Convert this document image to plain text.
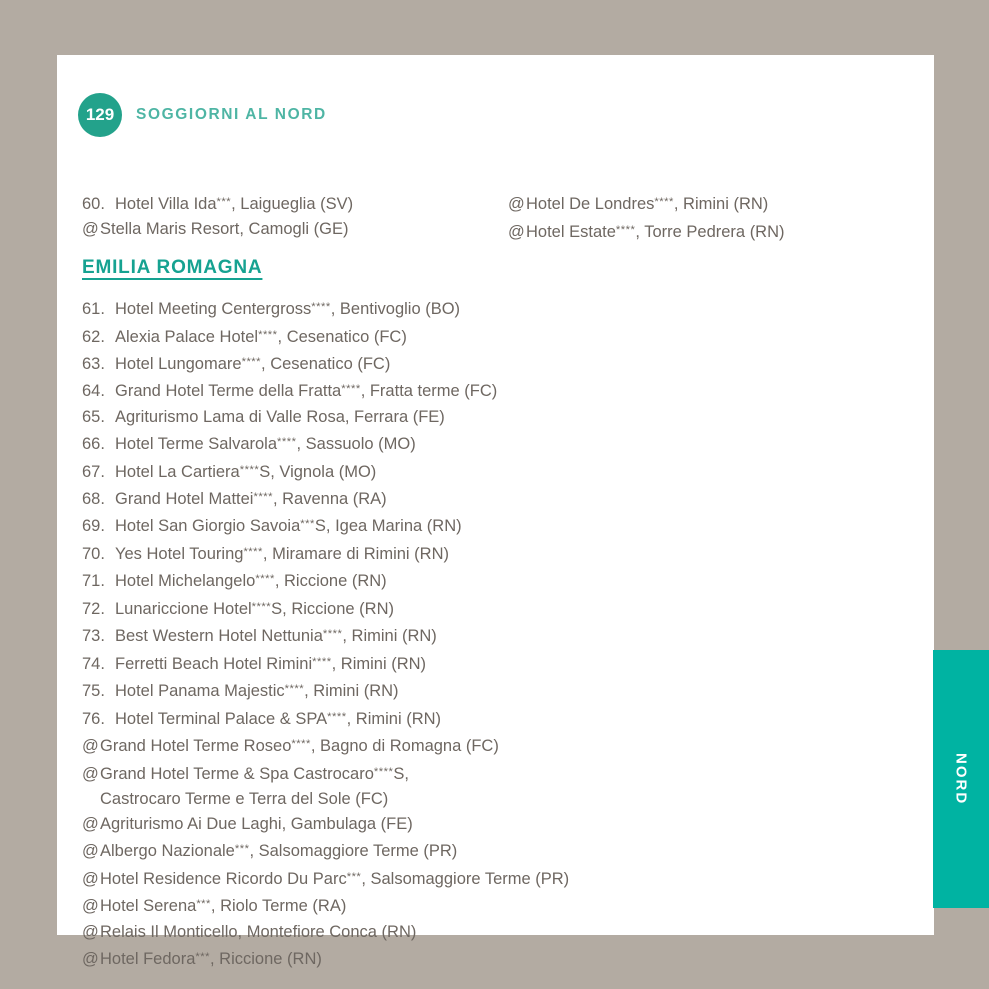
129	SOGGIORNI AL NORD
60. Hotel Villa Ida***, Laigueglia (SV)
@Stella Maris Resort, Camogli (GE)
EMILIA ROMAGNA
61. Hotel Meeting Centergross****, Bentivoglio (BO)
62. Alexia Palace Hotel****, Cesenatico (FC)
63. Hotel Lungomare****, Cesenatico (FC)
64. Grand Hotel Terme della Fratta****, Fratta terme (FC)
65. Agriturismo Lama di Valle Rosa, Ferrara (FE)
66. Hotel Terme Salvarola****, Sassuolo (MO)
67. Hotel La Cartiera****S, Vignola (MO)
68. Grand Hotel Mattei****, Ravenna (RA)
69. Hotel San Giorgio Savoia***S, Igea Marina (RN)
70. Yes Hotel Touring****, Miramare di Rimini (RN)
71. Hotel Michelangelo****, Riccione (RN)
72. Lunariccione Hotel****S, Riccione (RN)
73. Best Western Hotel Nettunia****, Rimini (RN)
74. Ferretti Beach Hotel Rimini****, Rimini (RN)
75. Hotel Panama Majestic****, Rimini (RN)
76. Hotel Terminal Palace & SPA****, Rimini (RN)
@Grand Hotel Terme Roseo****, Bagno di Romagna (FC)
@Grand Hotel Terme & Spa Castrocaro****S,
Castrocaro Terme e Terra del Sole (FC)
@Agriturismo Ai Due Laghi, Gambulaga (FE)
@Albergo Nazionale***, Salsomaggiore Terme (PR)
@Hotel Residence Ricordo Du Parc***, Salsomaggiore Terme (PR)
@Hotel Serena***, Riolo Terme (RA)
@Relais Il Monticello, Montefiore Conca (RN)
@Hotel Fedora***, Riccione (RN)
@Hotel De Londres****, Rimini (RN)
@Hotel Estate****, Torre Pedrera (RN)
NORD
